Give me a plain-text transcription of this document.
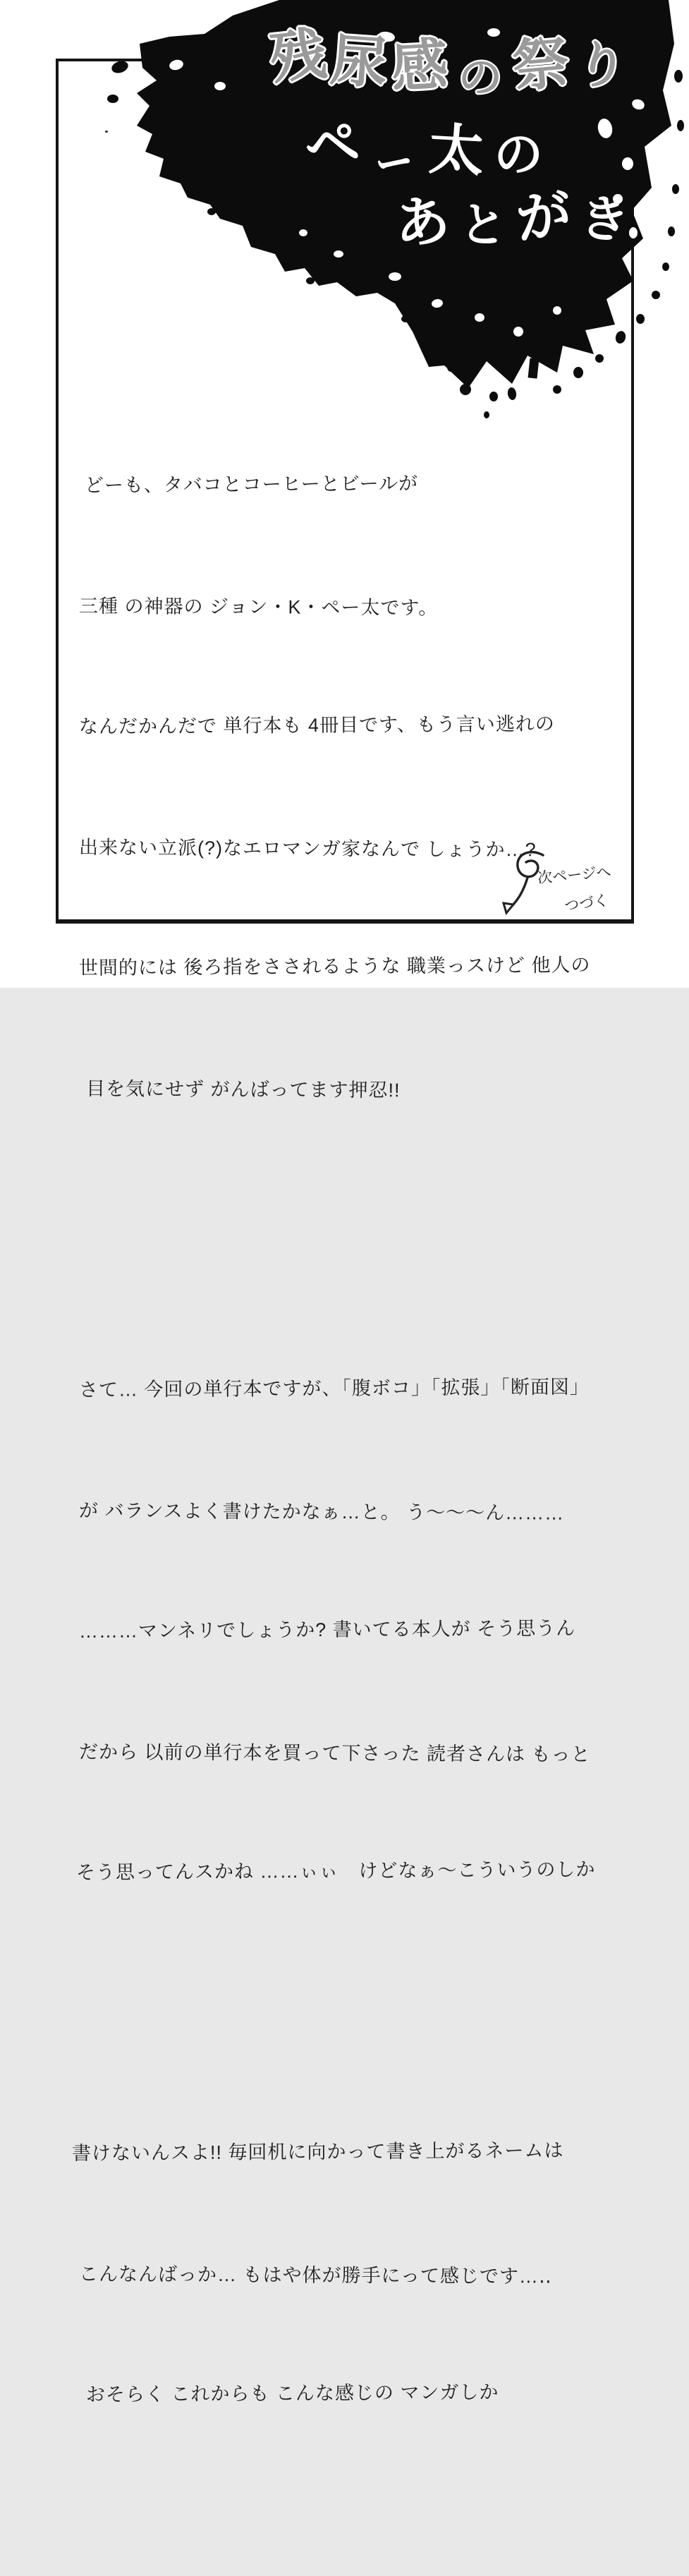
残
尿 感 の 祭 り
ペ ー 太 の
あ と が き

どーも、タバコとコーヒーとビールが

三種 の神器の ジョン・K・ペー太です。

なんだかんだで 単行本も 4冊目です、もう言い逃れの

出来ない立派(?)なエロマンガ家なんで しょうか…?

世間的には 後ろ指をさされるような 職業っスけど 他人の

目を気にせず がんばってます押忍!!

さて… 今回の単行本ですが、「腹ボコ」「拡張」「断面図」

が バランスよく書けたかなぁ…と。 う〜〜〜ん………

………マンネリでしょうか? 書いてる本人が そう思うん

だから 以前の単行本を買って下さった 読者さんは もっと

そう思ってんスかね ……ぃぃ　けどなぁ〜こういうのしか

書けないんスよ!! 毎回机に向かって書き上がるネームは

こんなんばっか… もはや体が勝手にって感じです…‥

おそらく これからも こんな感じの マンガしか

次ページへ
つづく
